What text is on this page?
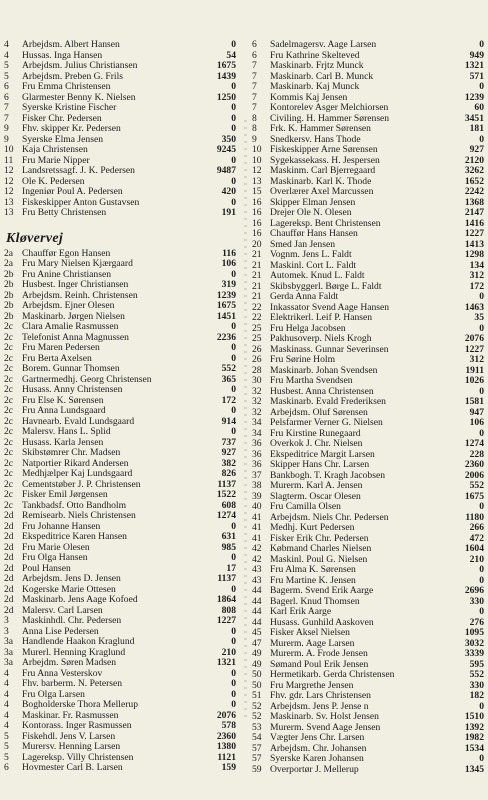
4	Arbejdsm. Albert Hansen	0
4	Hussas. Inga Hansen	54
5	Arbejdsm. Julius Christiansen	1675
5	Arbejdsm. Preben G. Frils	1439
6	Fru Emma Christensen	0
6	Glarmester Benny K. Nielsen	1250
7	Syerske Kristine Fischer	0
7	Fisker Chr. Pedersen	0
9	Fhv. skipper Kr. Pedersen	0
9	Syerske Elma Jensen	350
10 Kaja Christensen	9245
11 Fru Marie Nipper	0
12 Landsretssagf. J. K. Pedersen	9487
12 Ole K. Pedersen	0
12 Ingeniør Poul A. Pedersen	420
13 Fiskeskipper Anton Gustavsen	0
13 Fru Betty Christensen	191
Kløvervej
2a Chauffør Egon Hansen	116
2a Fru Mary Nielsen Kjærgaard	106
2b Fru Anine Christiansen	0
2b Husbest. Inger Christiansen	319
2b Arbejdsm. Reinh. Christensen	1239
2b Arbejdsm. Ejner Olesen	1675
2b Maskinarb. Jørgen Nielsen	1451
2c Clara Amalie Rasmussen	0
2c Telefonist Anna Magnussen	2236
2c Fru Maren Pedersen	0
2c Fru Berta Axelsen	0
2c Borem. Gunnar Thomsen	552
2c Gartnermedhj. Georg Christensen	365
2c Husass. Anny Christensen	0
2c Fru Else K. Sørensen	172
2c Fru Anna Lundsgaard	0
2c Havnearb. Evald Lundsgaard	914
2c Malersv. Hans L. Splid	0
2c Husass. Karla Jensen	737
2c Skibstømrer Chr. Madsen	927
2c Natportier Rikard Andersen	382
2c Medhjælper Kaj Lundsgaard	826
2c Cementstøber J. P. Christensen	1137
2c Fisker Emil Jørgensen	1522
2c Tankbadsf. Otto Bandholm	608
2d Remisearb. Niels Christensen	1274
2d Fru Johanne Hansen	0
2d Ekspeditrice Karen Hansen	631
2d Fru Marie Olesen	985
2d Fru Olga Hansen	0
2d Poul Hansen	17
2d Arbejdsm. Jens D. Jensen	1137
2d Kogerske Marie Ottesen	0
2d Maskinarb. Jens Aage Kofoed	1864
2d Malersv. Carl Larsen	808
3	Maskinhdl. Chr. Pedersen	1227
3	Anna Lise Pedersen	0
3a Handlende Haakon Kraglund	0
3a Murerl. Henning Kraglund	210
3a Arbejdm. Søren Madsen	1321
4	Fru Anna Vesterskov	0
4	Fhv. barberm. N. Petersen	0
4	Fru Olga Larsen	0
4	Bogholderske Thora Mellerup	0
4	Maskinar. Fr. Rasmussen	2076
4	Kontorass. Inger Rasmussen	578
5	Fiskehdl. Jens V. Larsen	2360
5	Murersv. Henning Larsen	1380
5	Lagereksp. Villy Christensen	1121
6	Hovmester Carl B. Larsen	159
6	Sadelmagersv. Aage Larsen	0
6	Fru Kathrine Skelteved	949
7	Maskinarb. Frjtz Munck	1321
7	Maskinarb. Carl B. Munck	571
7	Maskinarb. Kaj Munck	0
7	Kommis Kaj Jensen	1239
7	Kontorelev Asger Melchiorsen	60
8	Civiling. H. Hammer Sørensen	3451
8	Frk. K. Hammer Sørensen	181
9	Snedkersv. Hans Thode	0
10 Fiskeskipper Arne Sørensen	927
10 Sygekassekass. H. Jespersen	2120
12 Maskinm. Carl Bjerregaard	3262
13 Maskinarb. Karl K. Thode	1652
15 Overlærer Axel Marcussen	2242
16 Skipper Elman Jensen	1368
16 Drejer Ole N. Olesen	2147
16 Lagereksp. Bent Christensen	1416
16 Chauffør Hans Hansen	1227
20 Smed Jan Jensen	1413
21 Vognm. Jens L. Faldt	1298
21 Maskinl. Cort L. Faldt	134
21 Automek. Knud L. Faldt	312
21 Skibsbyggerl. Børge L. Faldt	172
21 Gerda Anna Faldt	0
22 Inkassator Svend Aage Hansen	1463
22 Elektrikerl. Leif P. Hansen	35
25 Fru Helga Jacobsen	0
25 Pakhusoverp. Niels Krogh	2076
26 Maskinass. Gunnar Severinsen	1227
26 Fru Sørine Holm	312
28 Maskinarb. Johan Svendsen	1911
30 Fru Martha Svendsen	1026
32 Husbest. Anna Christensen	0
32 Maskinarb. Evald Frederiksen	1581
32 Arbejdsm. Oluf Sørensen	947
34 Pelsfarmer Verner G. Nielsen	106
34 Fru Kirstine Runegaard	0
36 Overkok J. Chr. Nielsen	1274
36 Ekspeditrice Margit Larsen	228
36 Skipper Hans Chr. Larsen	2360
37 Bankbogh. T. Kragh Jacobsen	2006
38 Murerm. Karl A. Jensen	552
39 Slagterm. Oscar Olesen	1675
40 Fru Camilla Olsen	0
41 Arbejdsm. Niels Chr. Pedersen	1180
41 Medhj. Kurt Pedersen	266
41 Fisker Erik Chr. Pedersen	472
42 Købmand Charles Nielsen	1604
42 Maskinl. Poul G. Nielsen	210
43 Fru Alma K. Sørensen	0
43 Fru Martine K. Jensen	0
44 Bagerm. Svend Erik Aarge	2696
44 Bagerl. Knud Thomsen	330
44 Karl Erik Aarge	0
44 Husass. Gunhild Aaskoven	276
45 Fisker Aksel Nielsen	1095
47 Murerm. Aage Larsen	3032
49 Murerm. A. Frode Jensen	3339
49 Sømand Poul Erik Jensen	595
50 Hermetikarb. Gerda Christensen	552
50 Fru Margrethe Jensen	330
51 Fhv. gdr. Lars Christensen	182
52 Arbejdsm. Jens P. Jense n	0
52 Maskinarb. Sv. Holst Jensen	1510
53 Murerm. Svend Aage Jensen	1392
54 Vægter Jens Chr. Larsen	1982
57 Arbejdsm. Chr. Johansen	1534
57 Syerske Karen Johansen	0
59 Overportør J. Mellerup	1345
